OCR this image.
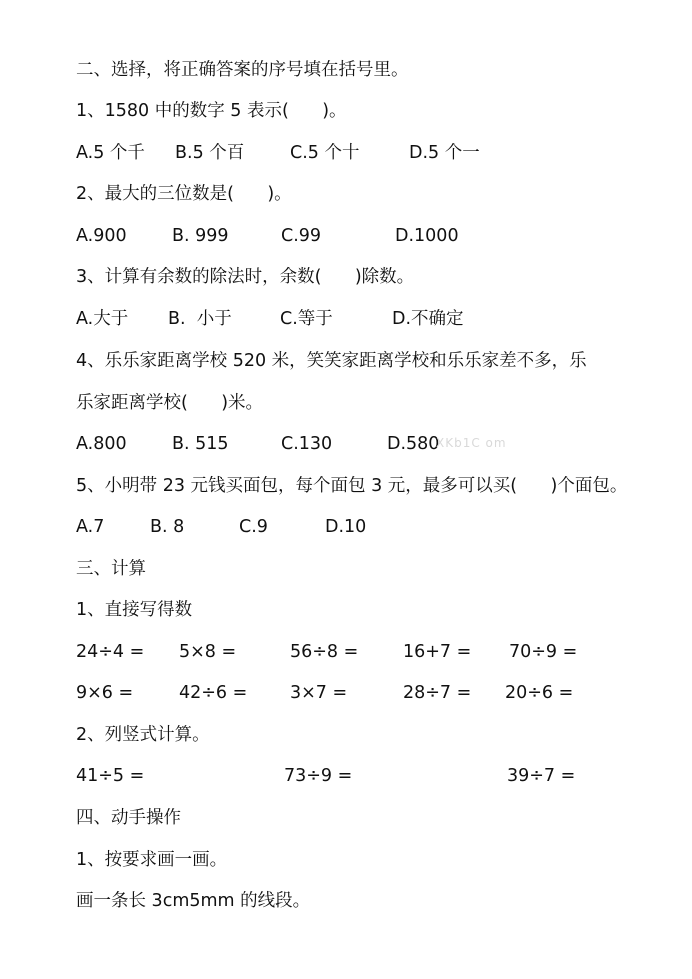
二、选择，将正确答案的序号填在括号里。
1、1580 中的数字 5 表示(      )。
A.5 个千 B.5 个百	C.5 个十	D.5 个一
2、最大的三位数是(      )。
A.900	B. 999	C.99	D.1000
3、计算有余数的除法时，余数(      )除数。
A.大于 B.  小于	C.等于	D.不确定
4、乐乐家距离学校 520 米，笑笑家距离学校和乐乐家差不多，乐
乐家距离学校(      )米。
A.800	B. 515	C.130	D.580
XKb1C om
5、小明带 23 元钱买面包，每个面包 3 元，最多可以买(      )个面包。
A.7	B. 8	C.9	D.10
三、计算
1、直接写得数
24÷4 = 5×8 =	56÷8 =	16+7 = 70÷9 =
9×6 =	42÷6 = 3×7 =	28÷7 = 20÷6 =
2、列竖式计算。
41÷5 =	73÷9 =	39÷7 =
四、动手操作
1、按要求画一画。
画一条长 3cm5mm 的线段。
